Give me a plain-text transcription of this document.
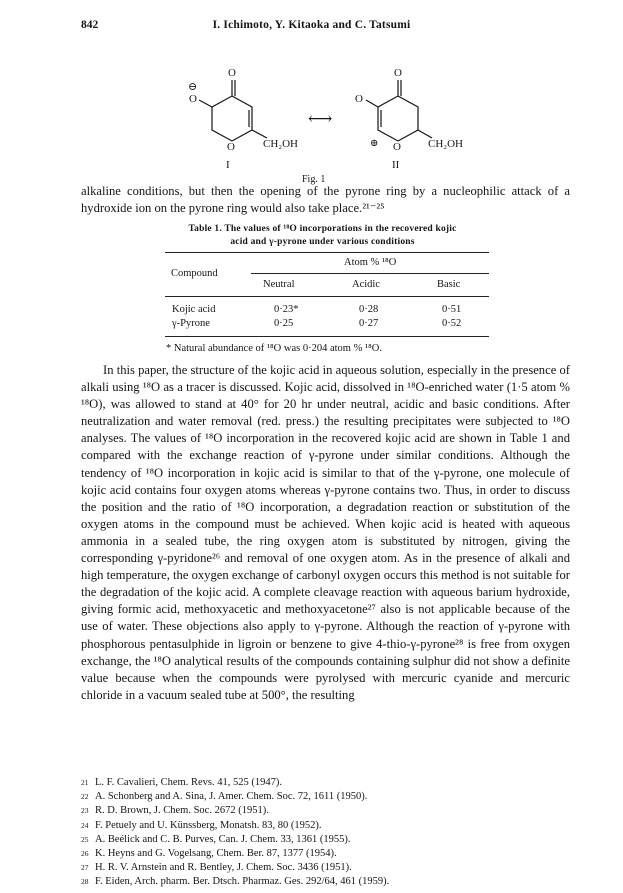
842	I. Ichimoto, Y. Kitaoka and C. Tatsumi
O
⊖
O
O	CH₂OH
I
⟷
O
O
⊕ O CH₂OH
II
Fig. 1
alkaline conditions, but then the opening of the pyrone ring by a nucleophilic attack of a hydroxide ion on the pyrone ring would also take place.²¹⁻²⁵

Table 1. The values of ¹⁸O incorporations in the recovered kojic

acid and γ-pyrone under various conditions

Compound
Atom % ¹⁸O
Neutral	Acidic	Basic
Kojic acid	0·23*	0·28	0·51
γ-Pyrone	0·25	0·27	0·52
* Natural abundance of ¹⁸O was 0·204 atom % ¹⁸O.

In this paper, the structure of the kojic acid in aqueous solution, especially in the presence of alkali using ¹⁸O as a tracer is discussed. Kojic acid, dissolved in ¹⁸O-enriched water (1·5 atom % ¹⁸O), was allowed to stand at 40° for 20 hr under neutral, acidic and basic conditions. After neutralization and water removal (red. press.) the resulting precipitates were subjected to ¹⁸O analyses. The values of ¹⁸O incorporation in the recovered kojic acid are shown in Table 1 and compared with the exchange reaction of γ-pyrone under similar conditions. Although the tendency of ¹⁸O incorporation in kojic acid is similar to that of the γ-pyrone, one molecule of kojic acid contains four oxygen atoms whereas γ-pyrone contains two. Thus, in order to discuss the position and the ratio of ¹⁸O incorporation, a degradation reaction or substitution of the oxygen atoms in the compound must be achieved. When kojic acid is heated with aqueous ammonia in a sealed tube, the ring oxygen atom is substituted by nitrogen, giving the corresponding γ-pyridone²⁶ and removal of one oxygen atom. As in the presence of alkali and high temperature, the oxygen exchange of carbonyl oxygen occurs this method is not suitable for the degradation of the kojic acid. A complete cleavage reaction with aqueous barium hydroxide, giving formic acid, methoxyacetic and methoxyacetone²⁷ also is not applicable because of the use of water. These objections also apply to γ-pyrone. Although the reaction of γ-pyrone with phosphorous pentasulphide in ligroin or benzene to give 4-thio-γ-pyrone²⁸ is free from oxygen exchange, the ¹⁸O analytical results of the compounds containing sulphur did not show a definite value because when the compounds were pyrolysed with mercuric cyanide and mercuric chloride in a vacuum sealed tube at 500°, the resulting

21 L. F. Cavalieri, Chem. Revs. 41, 525 (1947).
22 A. Schonberg and A. Sina, J. Amer. Chem. Soc. 72, 1611 (1950).
23 R. D. Brown, J. Chem. Soc. 2672 (1951).
24 F. Petuely and U. Künssberg, Monatsh. 83, 80 (1952).
25 A. Beélick and C. B. Purves, Can. J. Chem. 33, 1361 (1955).
26 K. Heyns and G. Vogelsang, Chem. Ber. 87, 1377 (1954).
27 H. R. V. Arnstein and R. Bentley, J. Chem. Soc. 3436 (1951).
28 F. Eiden, Arch. pharm. Ber. Dtsch. Pharmaz. Ges. 292/64, 461 (1959).
